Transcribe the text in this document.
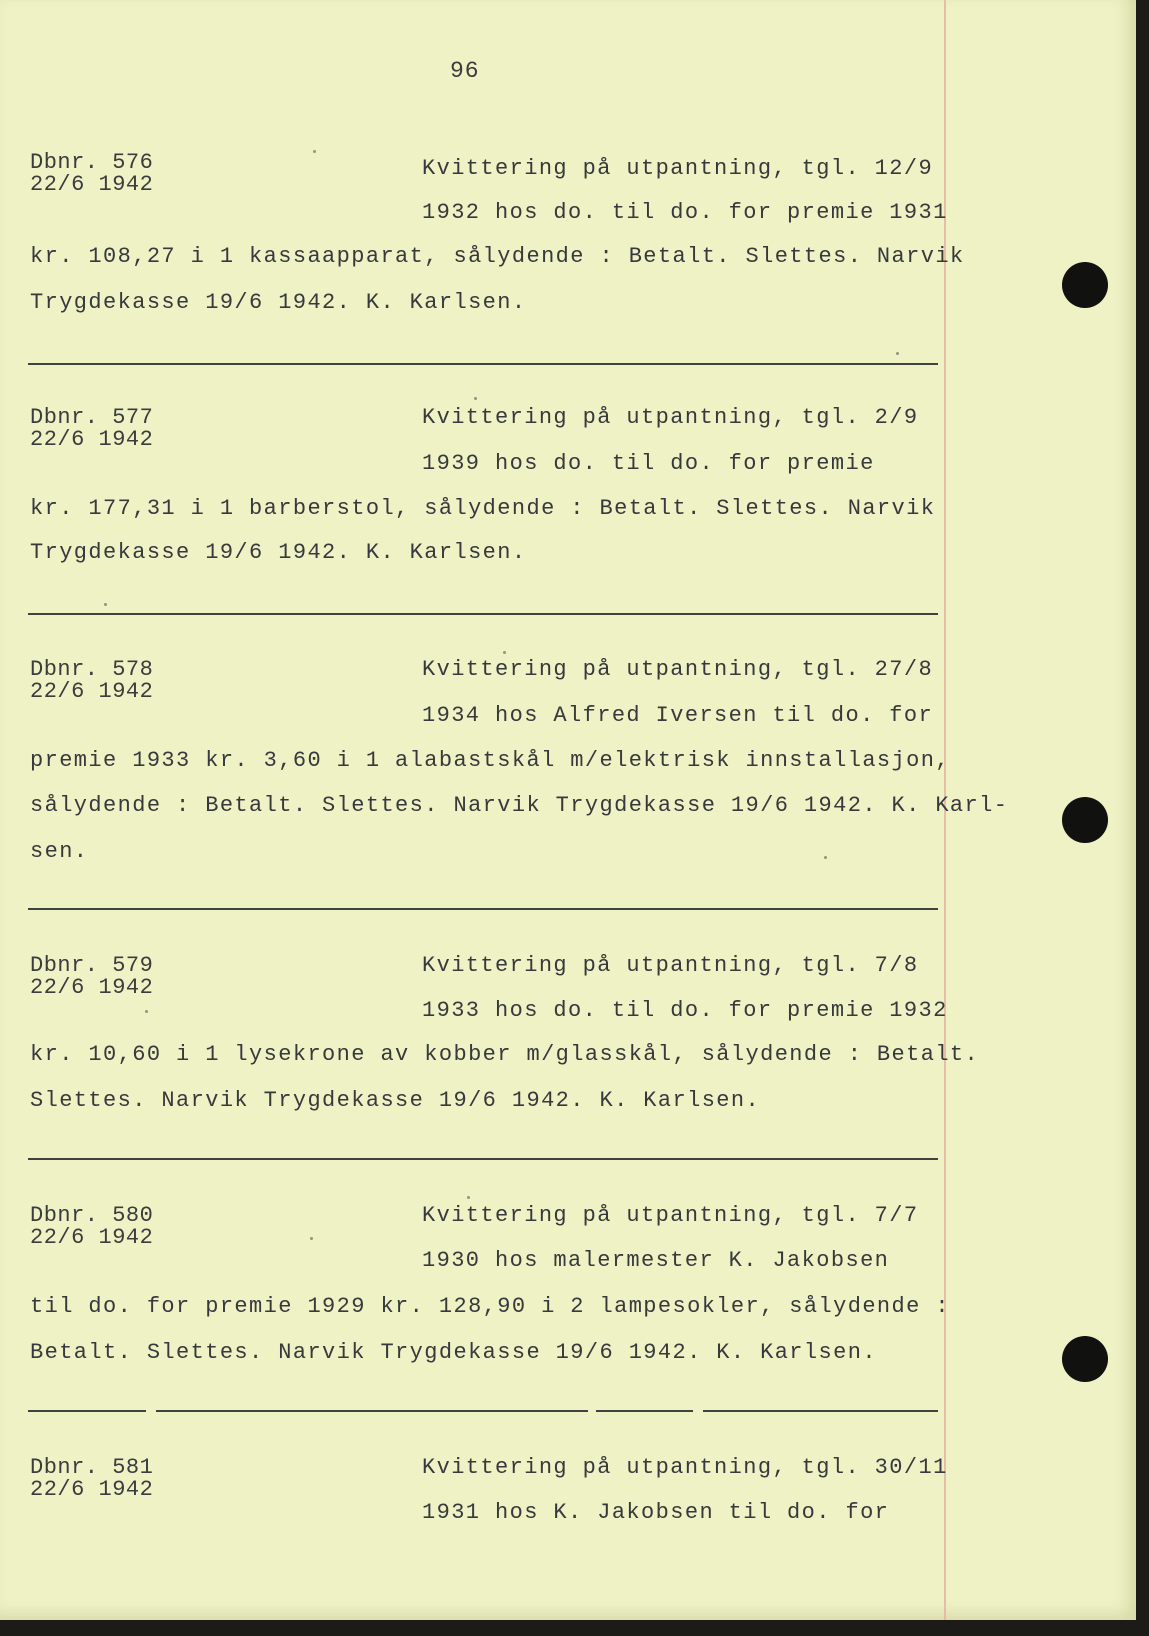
96
Dbnr. 576
22/6 1942
Kvittering på utpantning, tgl. 12/9
1932 hos do. til do. for premie 1931
kr. 108,27 i 1 kassaapparat, sålydende : Betalt. Slettes. Narvik
Trygdekasse 19/6 1942. K. Karlsen.
Dbnr. 577
22/6 1942
Kvittering på utpantning, tgl. 2/9
1939 hos do. til do. for premie
kr. 177,31 i 1 barberstol, sålydende : Betalt. Slettes. Narvik
Trygdekasse 19/6 1942. K. Karlsen.
Dbnr. 578
22/6 1942
Kvittering på utpantning, tgl. 27/8
1934 hos Alfred Iversen til do. for
premie 1933 kr. 3,60 i 1 alabastskål m/elektrisk innstallasjon,
sålydende : Betalt. Slettes. Narvik Trygdekasse 19/6 1942. K. Karl-
sen.
Dbnr. 579
22/6 1942
Kvittering på utpantning, tgl. 7/8
1933 hos do. til do. for premie 1932
kr. 10,60 i 1 lysekrone av kobber m/glasskål, sålydende : Betalt.
Slettes. Narvik Trygdekasse 19/6 1942. K. Karlsen.
Dbnr. 580
22/6 1942
Kvittering på utpantning, tgl. 7/7
1930 hos malermester K. Jakobsen
til do. for premie 1929 kr. 128,90 i 2 lampesokler, sålydende :
Betalt. Slettes. Narvik Trygdekasse 19/6 1942. K. Karlsen.
Dbnr. 581
22/6 1942
Kvittering på utpantning, tgl. 30/11
1931 hos K. Jakobsen til do. for
